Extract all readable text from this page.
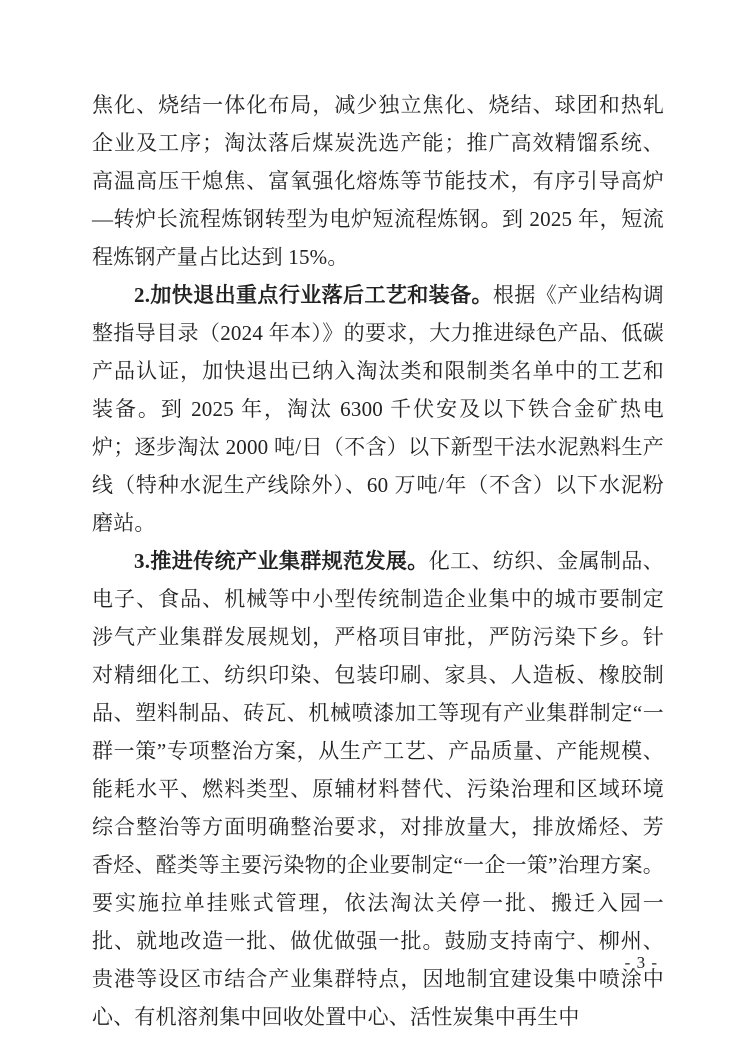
焦化、烧结一体化布局，减少独立焦化、烧结、球团和热轧企业及工序；淘汰落后煤炭洗选产能；推广高效精馏系统、高温高压干熄焦、富氧强化熔炼等节能技术，有序引导高炉—转炉长流程炼钢转型为电炉短流程炼钢。到 2025 年，短流程炼钢产量占比达到 15%。

2.加快退出重点行业落后工艺和装备。根据《产业结构调整指导目录（2024 年本）》的要求，大力推进绿色产品、低碳产品认证，加快退出已纳入淘汰类和限制类名单中的工艺和装备。到 2025 年，淘汰 6300 千伏安及以下铁合金矿热电炉；逐步淘汰 2000 吨/日（不含）以下新型干法水泥熟料生产线（特种水泥生产线除外）、60 万吨/年（不含）以下水泥粉磨站。

3.推进传统产业集群规范发展。化工、纺织、金属制品、电子、食品、机械等中小型传统制造企业集中的城市要制定涉气产业集群发展规划，严格项目审批，严防污染下乡。针对精细化工、纺织印染、包装印刷、家具、人造板、橡胶制品、塑料制品、砖瓦、机械喷漆加工等现有产业集群制定“一群一策”专项整治方案，从生产工艺、产品质量、产能规模、能耗水平、燃料类型、原辅材料替代、污染治理和区域环境综合整治等方面明确整治要求，对排放量大，排放烯烃、芳香烃、醛类等主要污染物的企业要制定“一企一策”治理方案。要实施拉单挂账式管理，依法淘汰关停一批、搬迁入园一批、就地改造一批、做优做强一批。鼓励支持南宁、柳州、贵港等设区市结合产业集群特点，因地制宜建设集中喷涂中心、有机溶剂集中回收处置中心、活性炭集中再生中

- 3 -
